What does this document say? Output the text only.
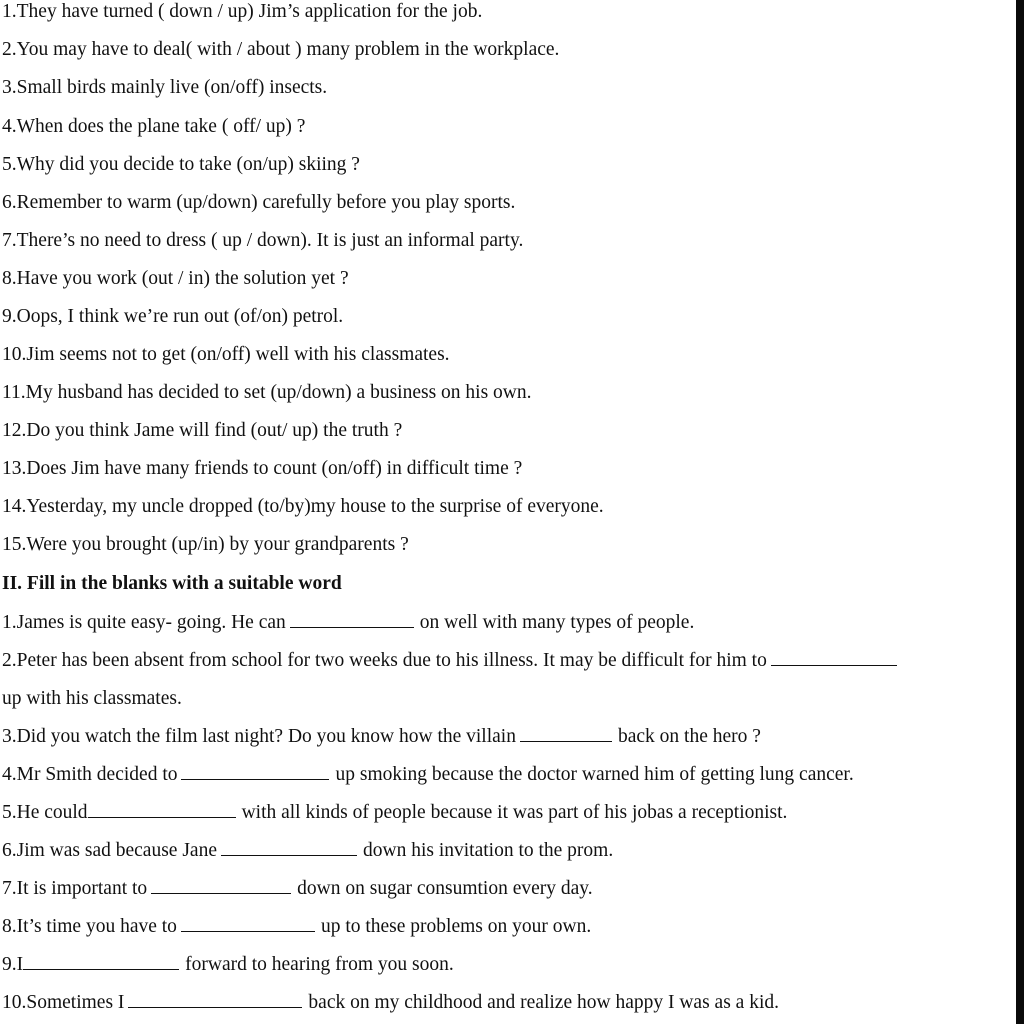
1.They have turned ( down / up) Jim’s application for the job.
2.You may have to deal( with / about ) many problem in the workplace.
3.Small birds mainly live (on/off) insects.
4.When does the plane take ( off/ up) ?
5.Why did you decide to take (on/up) skiing ?
6.Remember to warm (up/down) carefully before you play sports.
7.There’s no need to dress ( up / down). It is just an informal party.
8.Have you work (out / in) the solution yet ?
9.Oops, I think we’re run out (of/on) petrol.
10.Jim seems not to get (on/off) well with his classmates.
11.My husband has decided to set (up/down) a business on his own.
12.Do you think Jame will find (out/ up) the truth ?
13.Does Jim have many friends to count (on/off) in difficult time ?
14.Yesterday, my uncle dropped (to/by)my house to the surprise of everyone.
15.Were you brought (up/in) by your grandparents ?
II. Fill in the blanks with a suitable word
1.James is quite easy- going. He can	on well with many types of people.
2.Peter has been absent from school for two weeks due to his illness. It may be difficult for him to
up with his classmates.
3.Did you watch the film last night? Do you know how the villain	back on the hero ?
4.Mr Smith decided to	up smoking because the doctor warned him of getting lung cancer.
5.He could	with all kinds of people because it was part of his jobas a receptionist.
6.Jim was sad because Jane	down his invitation to the prom.
7.It is important to	down on sugar consumtion every day.
8.It’s time you have to	up to these problems on your own.
9.I	forward to hearing from you soon.
10.Sometimes I	back on my childhood and realize how happy I was as a kid.
